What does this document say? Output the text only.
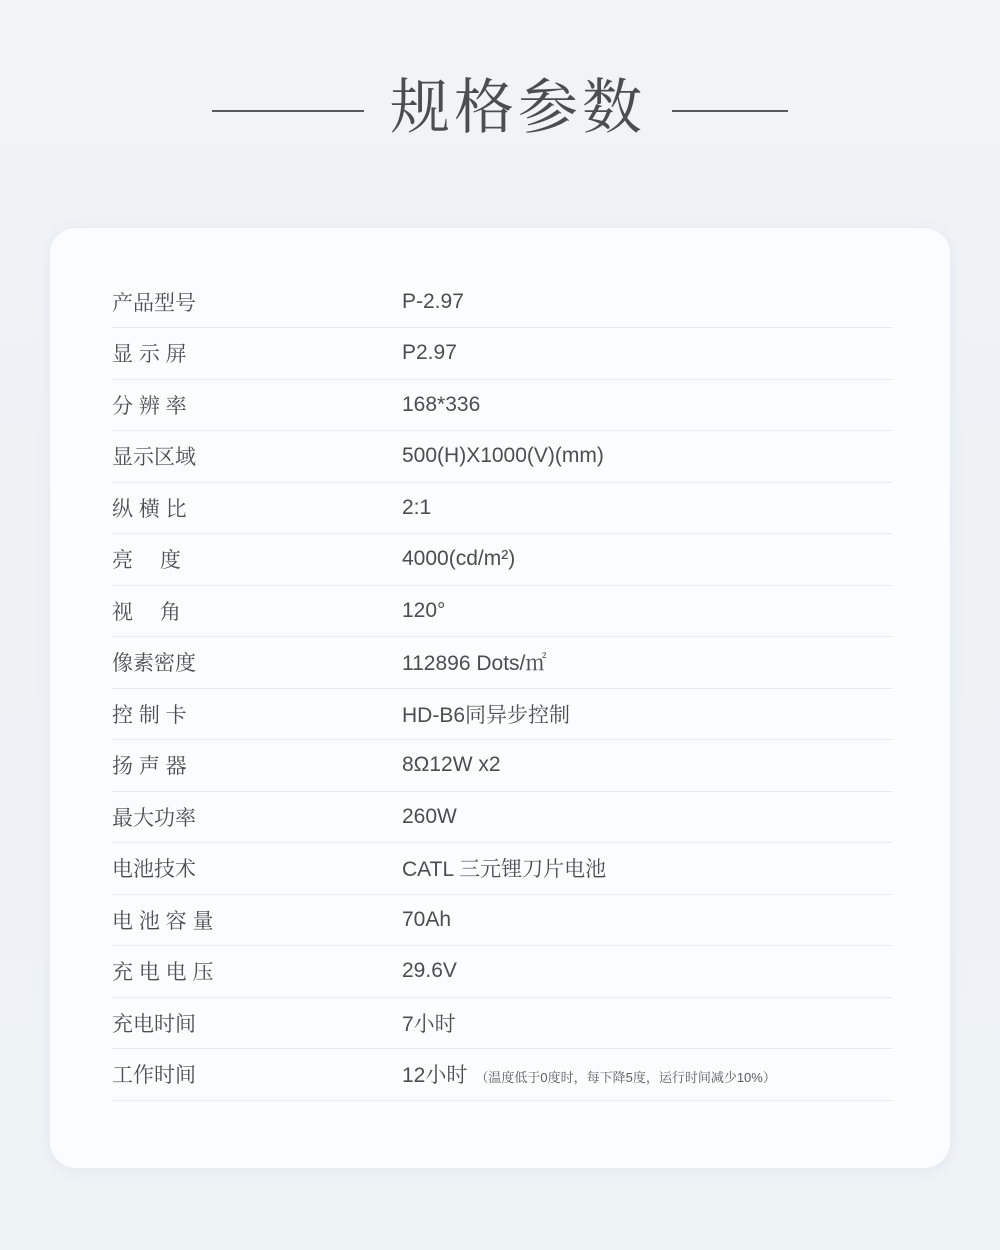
规格参数
产品型号	P-2.97
显 示 屏	P2.97
分 辨 率	168*336
显示区域	500(H)X1000(V)(mm)
纵 横 比	2:1
亮　 度	4000(cd/m²)
视　 角	120°
像素密度	112896 Dots/㎡
控 制 卡	HD-B6同异步控制
扬 声 器	8Ω12W x2
最大功率	260W
电池技术	CATL 三元锂刀片电池
电 池 容 量	70Ah
充 电 电 压	29.6V
充电时间	7小时
工作时间	12小时 （温度低于0度时，每下降5度，运行时间减少10%）
